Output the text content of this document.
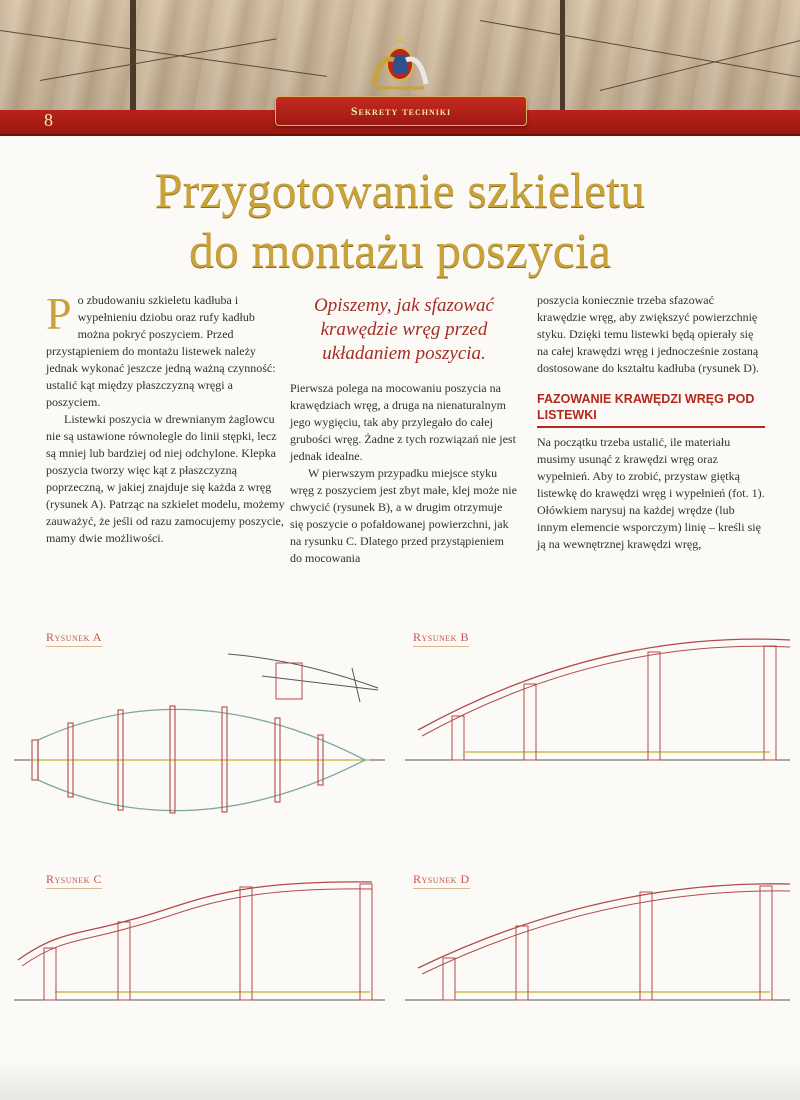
8	Sekrety techniki
Przygotowanie szkieletu
do montażu poszycia

Po zbudowaniu szkieletu kadłuba i wypełnieniu dziobu oraz rufy kadłub można pokryć poszyciem. Przed przystąpieniem do montażu listewek należy jednak wykonać jeszcze jedną ważną czynność: ustalić kąt między płaszczyzną wręgi a poszyciem.

Listewki poszycia w drewnianym żaglowcu nie są ustawione równolegle do linii stępki, lecz są mniej lub bardziej od niej odchylone. Klepka poszycia tworzy więc kąt z płaszczyzną poprzeczną, w jakiej znajduje się każda z wręg (rysunek A). Patrząc na szkielet modelu, możemy zauważyć, że jeśli od razu zamocujemy poszycie, mamy dwie możliwości.

Opiszemy, jak sfazować krawędzie wręg przed układaniem poszycia.

Pierwsza polega na mocowaniu poszycia na krawędziach wręg, a druga na nienaturalnym jego wygięciu, tak aby przylegało do całej grubości wręg. Żadne z tych rozwiązań nie jest jednak idealne.

W pierwszym przypadku miejsce styku wręg z poszyciem jest zbyt małe, klej może nie chwycić (rysunek B), a w drugim otrzymuje się poszycie o pofałdowanej powierzchni, jak na rysunku C. Dlatego przed przystąpieniem do mocowania

poszycia koniecznie trzeba sfazować krawędzie wręg, aby zwiększyć powierzchnię styku. Dzięki temu listewki będą opierały się na całej krawędzi wręg i jednocześnie zostaną dostosowane do kształtu kadłuba (rysunek D).

FAZOWANIE KRAWĘDZI WRĘG POD LISTEWKI

Na początku trzeba ustalić, ile materiału musimy usunąć z krawędzi wręg oraz wypełnień. Aby to zrobić, przystaw giętką listewkę do krawędzi wręg i wypełnień (fot. 1). Ołówkiem narysuj na każdej wrędze (lub innym elemencie wsporczym) linię – kreśli się ją na wewnętrznej krawędzi wręg,

Rysunek A	Rysunek B
Rysunek C	Rysunek D
